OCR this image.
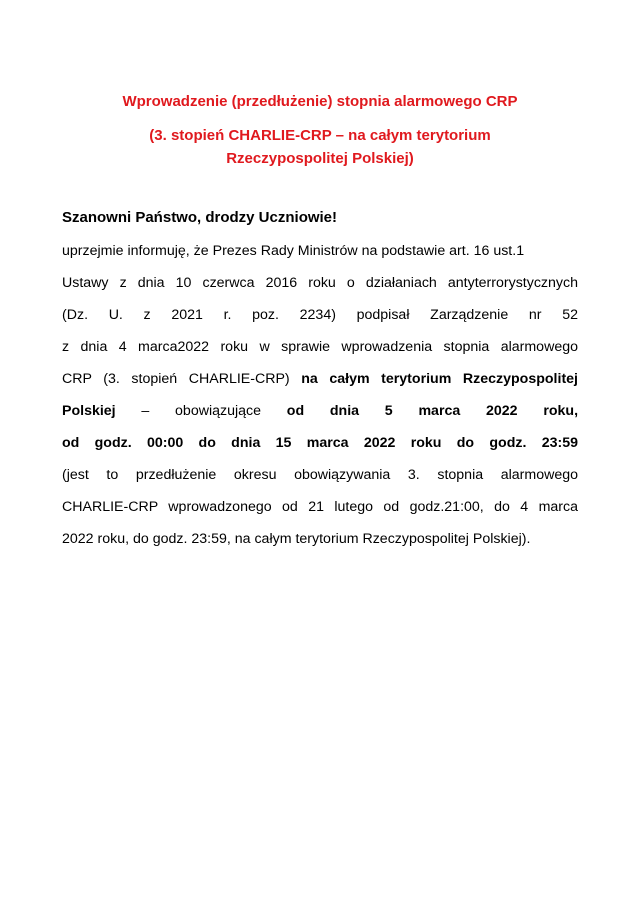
Wprowadzenie (przedłużenie) stopnia alarmowego CRP
(3. stopień CHARLIE-CRP – na całym terytorium
Rzeczypospolitej Polskiej)
Szanowni Państwo, drodzy Uczniowie!
uprzejmie informuję, że Prezes Rady Ministrów na podstawie art. 16 ust.1
Ustawy z dnia 10 czerwca 2016 roku o działaniach antyterrorystycznych
(Dz. U. z 2021 r. poz. 2234) podpisał Zarządzenie nr 52
z dnia 4 marca2022 roku w sprawie wprowadzenia stopnia alarmowego
CRP (3. stopień CHARLIE-CRP) na całym terytorium Rzeczypospolitej
Polskiej – obowiązujące od dnia 5 marca 2022 roku,
od godz. 00:00 do dnia 15 marca 2022 roku do godz. 23:59
(jest to przedłużenie okresu obowiązywania 3. stopnia alarmowego
CHARLIE-CRP wprowadzonego od 21 lutego od godz.21:00, do 4 marca
2022 roku, do godz. 23:59, na całym terytorium Rzeczypospolitej Polskiej).
